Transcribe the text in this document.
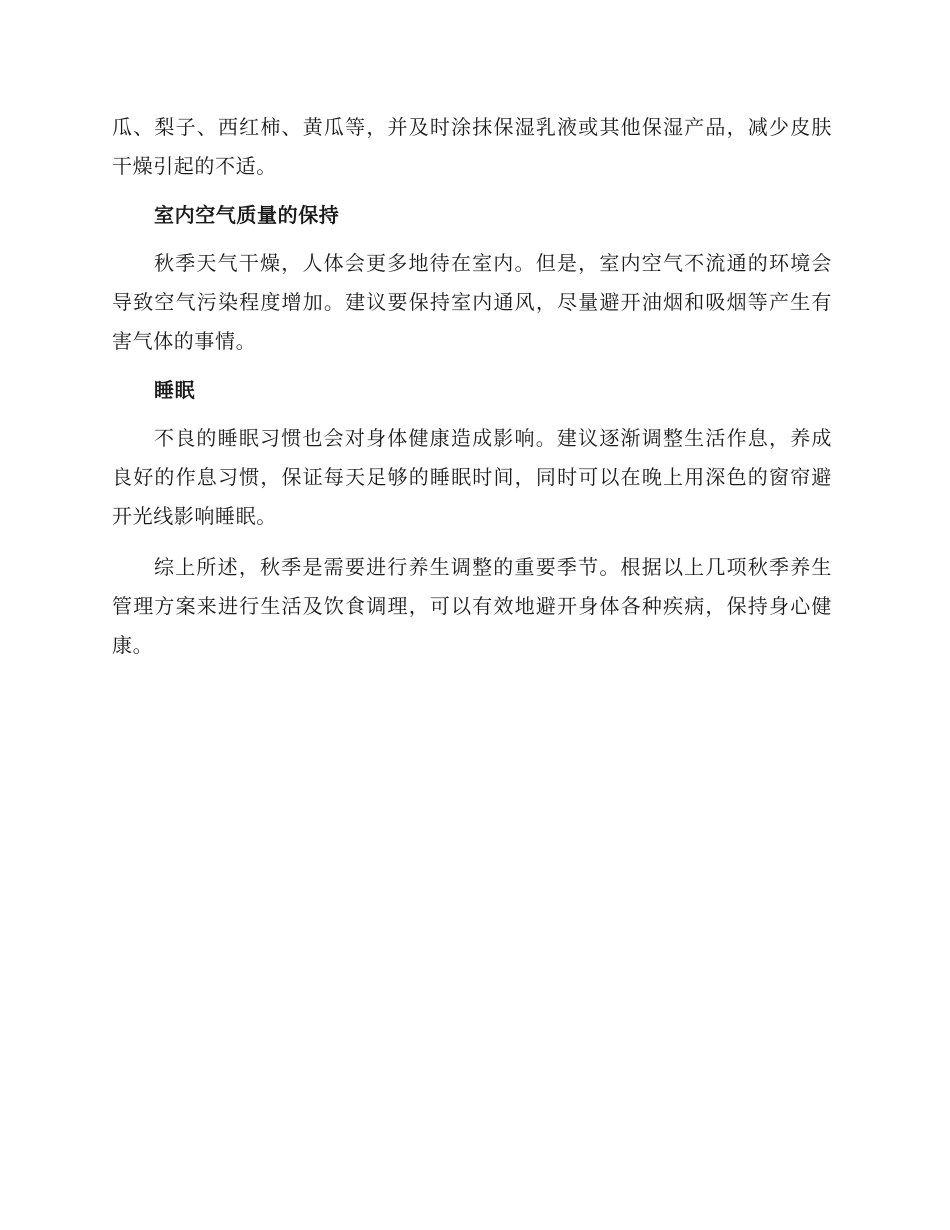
瓜、梨子、西红柿、黄瓜等，并及时涂抹保湿乳液或其他保湿产品，减少皮肤干燥引起的不适。

室内空气质量的保持

秋季天气干燥，人体会更多地待在室内。但是，室内空气不流通的环境会导致空气污染程度增加。建议要保持室内通风，尽量避开油烟和吸烟等产生有害气体的事情。

睡眠

不良的睡眠习惯也会对身体健康造成影响。建议逐渐调整生活作息，养成良好的作息习惯，保证每天足够的睡眠时间，同时可以在晚上用深色的窗帘避开光线影响睡眠。

综上所述，秋季是需要进行养生调整的重要季节。根据以上几项秋季养生管理方案来进行生活及饮食调理，可以有效地避开身体各种疾病，保持身心健康。
